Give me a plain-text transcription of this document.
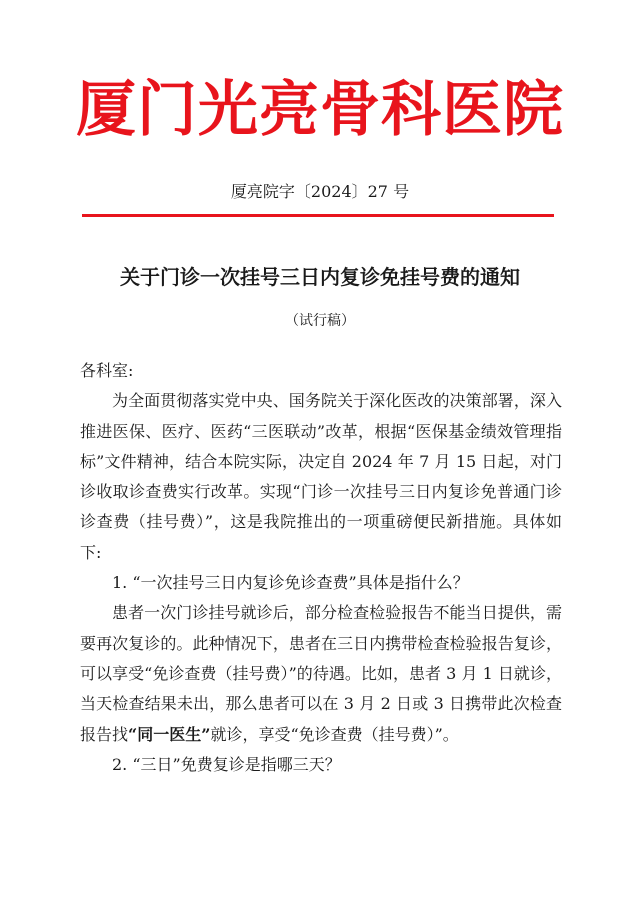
厦门光亮骨科医院
厦亮院字〔2024〕27 号
关于门诊一次挂号三日内复诊免挂号费的通知
（试行稿）

各科室:

为全面贯彻落实党中央、国务院关于深化医改的决策部署，深入推进医保、医疗、医药“三医联动”改革，根据“医保基金绩效管理指标”文件精神，结合本院实际，决定自 2024 年 7 月 15 日起，对门诊收取诊查费实行改革。实现“门诊一次挂号三日内复诊免普通门诊诊查费（挂号费）”，这是我院推出的一项重磅便民新措施。具体如下:

1. “一次挂号三日内复诊免诊查费”具体是指什么？

患者一次门诊挂号就诊后，部分检查检验报告不能当日提供，需要再次复诊的。此种情况下，患者在三日内携带检查检验报告复诊，可以享受“免诊查费（挂号费）”的待遇。比如，患者 3 月 1 日就诊，当天检查结果未出，那么患者可以在 3 月 2 日或 3 日携带此次检查报告找“同一医生”就诊，享受“免诊查费（挂号费）”。

2. “三日”免费复诊是指哪三天？
